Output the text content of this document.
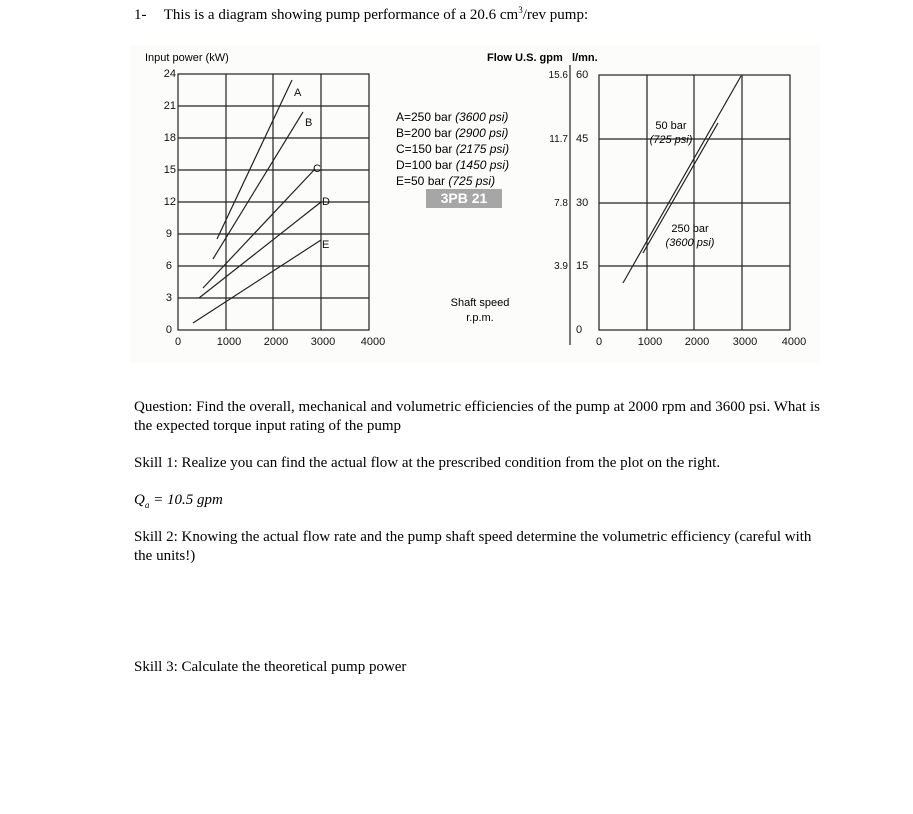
1- This is a diagram showing pump performance of a 20.6 $cm^3$/rev pump:
24
21
18
15
12
9
6
3
0
0	1000 2000 3000 4000
A
B
C
D
E
15.6 60
11.7 45
7.8 30
3.9 15
0
0	1000 2000 3000 4000
Input power (kW)
A=250 bar (3600 psi)
B=200 bar (2900 psi)
C=150 bar (2175 psi)
D=100 bar (1450 psi)
E=50 bar (725 psi)
3PB 21
Shaft speed
r.p.m.
Flow U.S. gpm l/mn.
50 bar
(725 psi)
250 bar
(3600 psi)
Question: Find the overall, mechanical and volumetric efficiencies of the pump at 2000 rpm and 3600 psi. What is the expected torque input rating of the pump
Skill 1: Realize you can find the actual flow at the prescribed condition from the plot on the right.
$Q_a = 10.5$ gpm
Skill 2: Knowing the actual flow rate and the pump shaft speed determine the volumetric efficiency (careful with the units!)
Skill 3: Calculate the theoretical pump power
